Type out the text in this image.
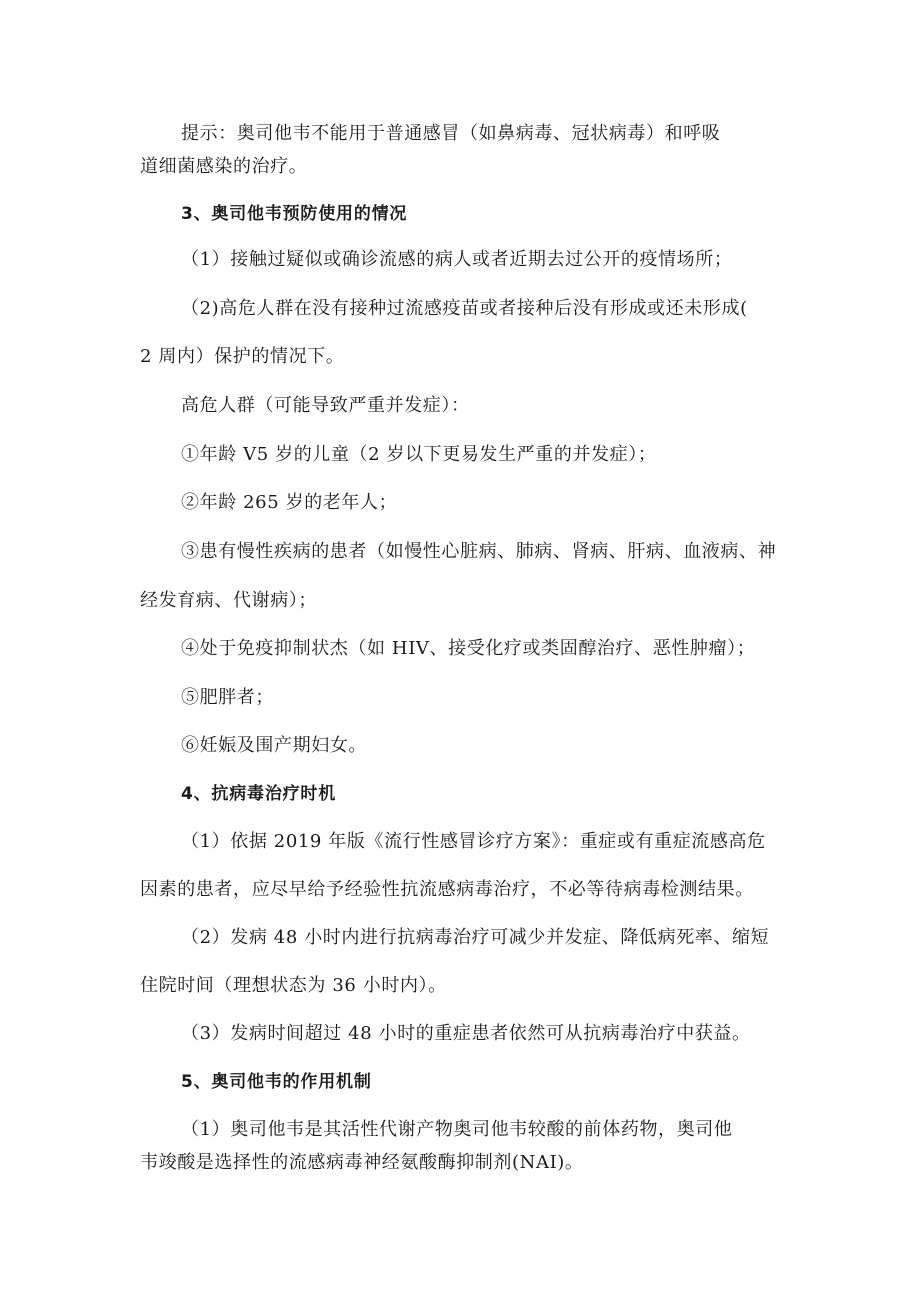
提示：奥司他韦不能用于普通感冒（如鼻病毒、冠状病毒）和呼吸
道细菌感染的治疗。
3、奥司他韦预防使用的情况
（1）接触过疑似或确诊流感的病人或者近期去过公开的疫情场所；
（2)高危人群在没有接种过流感疫苗或者接种后没有形成或还未形成(
2 周内）保护的情况下。
高危人群（可能导致严重并发症）：
①年龄 V5 岁的儿童（2 岁以下更易发生严重的并发症）；
②年龄 265 岁的老年人；
③患有慢性疾病的患者（如慢性心脏病、肺病、肾病、肝病、血液病、神
经发育病、代谢病）；
④处于免疫抑制状杰（如 HIV、接受化疗或类固醇治疗、恶性肿瘤）；
⑤肥胖者；
⑥妊娠及围产期妇女。
4、抗病毒治疗时机
（1）依据 2019 年版《流行性感冒诊疗方案》：重症或有重症流感高危
因素的患者，应尽早给予经验性抗流感病毒治疗，不必等待病毒检测结果。
（2）发病 48 小时内进行抗病毒治疗可减少并发症、降低病死率、缩短
住院时间（理想状态为 36 小时内）。
（3）发病时间超过 48 小时的重症患者依然可从抗病毒治疗中获益。
5、奥司他韦的作用机制
（1）奥司他韦是其活性代谢产物奥司他韦较酸的前体药物，奥司他
韦竣酸是选择性的流感病毒神经氨酸酶抑制剂(NAI)。
